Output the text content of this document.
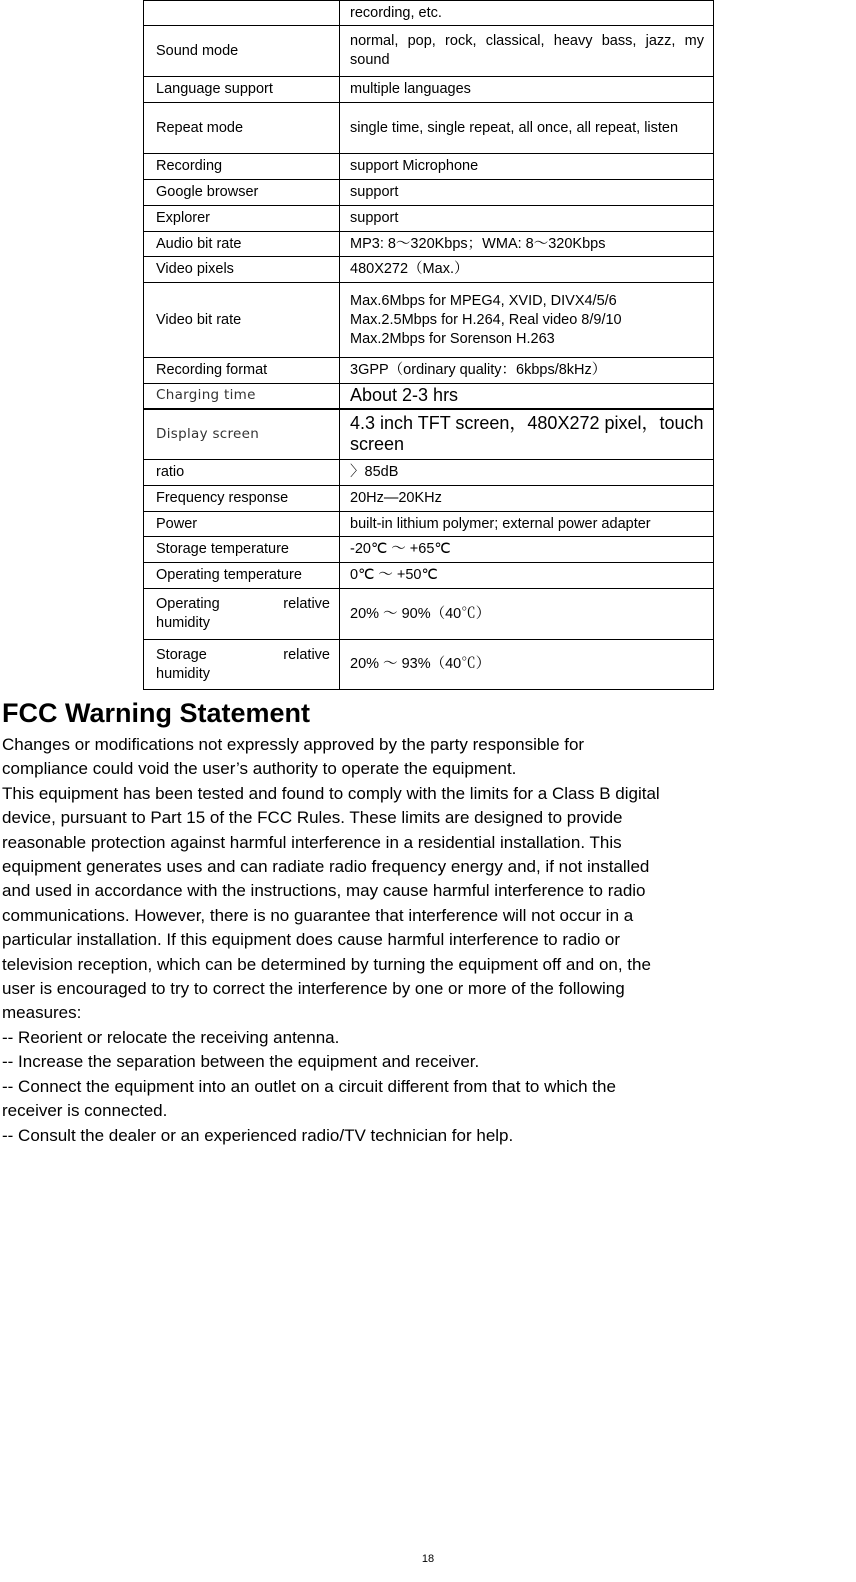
	recording, etc.
Sound mode	normal, pop, rock, classical, heavy bass, jazz, my sound
Language support	multiple languages
Repeat mode	single time, single repeat, all once, all repeat, listen
Recording	support Microphone
Google browser	support
Explorer	support
Audio bit rate	MP3: 8～320Kbps；WMA: 8～320Kbps
Video pixels	480X272（Max.）
Video bit rate	Max.6Mbps for MPEG4, XVID, DIVX4/5/6
Max.2.5Mbps for H.264, Real video 8/9/10
Max.2Mbps for Sorenson H.263

Recording format	3GPP（ordinary quality：6kbps/8kHz）
Charging time	About 2-3 hrs
Display screen	4.3 inch TFT screen，480X272 pixel，touch screen
ratio	〉85dB
Frequency response	20Hz—20KHz
Power	built-in lithium polymer; external power adapter
Storage temperature	-20℃ ～ +65℃
Operating temperature	0℃ ～ +50℃

Operating relative
humidity	20% ～ 90%（40℃）

Storage relative
humidity	20% ～ 93%（40℃）
FCC Warning Statement
Changes or modifications not expressly approved by the party responsible for
compliance could void the user’s authority to operate the equipment.
This equipment has been tested and found to comply with the limits for a Class B digital
device, pursuant to Part 15 of the FCC Rules. These limits are designed to provide
reasonable protection against harmful interference in a residential installation. This
equipment generates uses and can radiate radio frequency energy and, if not installed
and used in accordance with the instructions, may cause harmful interference to radio
communications. However, there is no guarantee that interference will not occur in a
particular installation. If this equipment does cause harmful interference to radio or
television reception, which can be determined by turning the equipment off and on, the
user is encouraged to try to correct the interference by one or more of the following
measures:
-- Reorient or relocate the receiving antenna.
-- Increase the separation between the equipment and receiver.
-- Connect the equipment into an outlet on a circuit different from that to which the
receiver is connected.
-- Consult the dealer or an experienced radio/TV technician for help.
18
